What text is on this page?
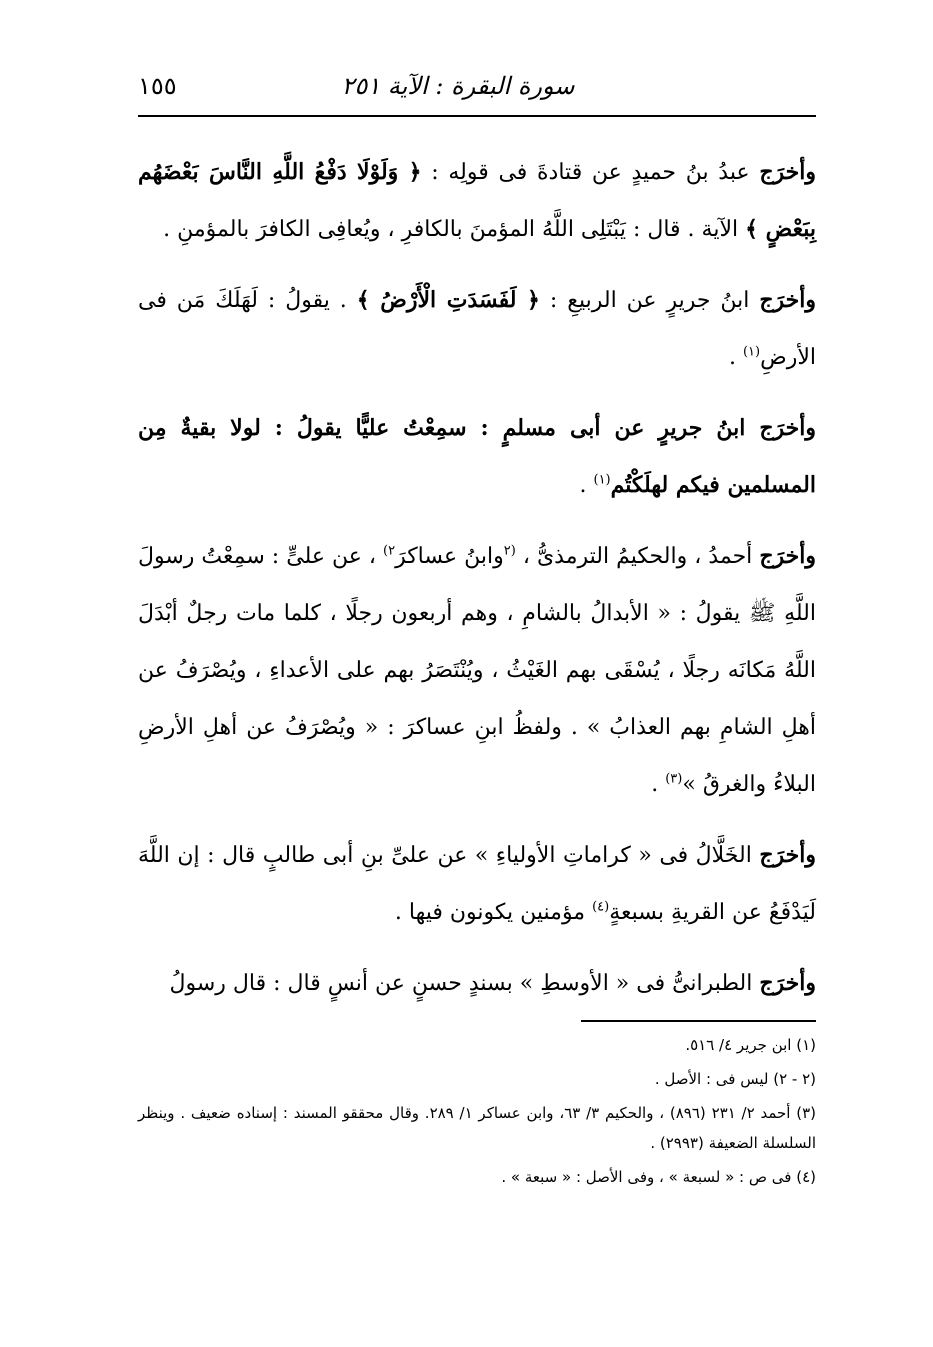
١٥٥	سورة البقرة : الآية ٢٥١

وأخرَج عبدُ بنُ حميدٍ عن قتادةَ فى قولِه : ﴿ وَلَوْلَا دَفْعُ اللَّهِ النَّاسَ بَعْضَهُم بِبَعْضٍ ﴾ الآية . قال : يَبْتَلِى اللَّهُ المؤمنَ بالكافرِ ، ويُعافِى الكافرَ بالمؤمنِ .

وأخرَج ابنُ جريرٍ عن الربيعِ : ﴿ لَفَسَدَتِ الْأَرْضُ ﴾ . يقولُ : لَهَلَكَ مَن فى الأرضِ$^{(١)}$ .

وأخرَج ابنُ جريرٍ عن أبى مسلمٍ : سمِعْتُ عليًّا يقولُ : لولا بقيةٌ مِن المسلمين فيكم لهلَكْتُم$^{(١)}$ .

وأخرَج أحمدُ ، والحكيمُ الترمذىُّ ، $^{(٢}$وابنُ عساكرَ$^{٢)}$ ، عن علىٍّ : سمِعْتُ رسولَ اللَّهِ ﷺ يقولُ : « الأبدالُ بالشامِ ، وهم أربعون رجلًا ، كلما مات رجلٌ أبْدَلَ اللَّهُ مَكانَه رجلًا ، يُسْقَى بهم الغَيْثُ ، ويُنْتَصَرُ بهم على الأعداءِ ، ويُصْرَفُ عن أهلِ الشامِ بهم العذابُ » . ولفظُ ابنِ عساكرَ : « ويُصْرَفُ عن أهلِ الأرضِ البلاءُ والغرقُ »$^{(٣)}$ .

وأخرَج الخَلَّالُ فى « كراماتِ الأولياءِ » عن علىِّ بنِ أبى طالبٍ قال : إن اللَّهَ لَيَدْفَعُ عن القريةِ بسبعةٍ$^{(٤)}$ مؤمنين يكونون فيها .

وأخرَج الطبرانىُّ فى « الأوسطِ » بسندٍ حسنٍ عن أنسٍ قال : قال رسولُ

(١) ابن جرير ٤/ ٥١٦.

(٢ - ٢) ليس فى : الأصل .

(٣) أحمد ٢/ ٢٣١ (٨٩٦) ، والحكيم ٣/ ٦٣، وابن عساكر ١/ ٢٨٩. وقال محققو المسند : إسناده ضعيف . وينظر السلسلة الضعيفة (٢٩٩٣) .

(٤) فى ص : « لسبعة » ، وفى الأصل : « سبعة » .
